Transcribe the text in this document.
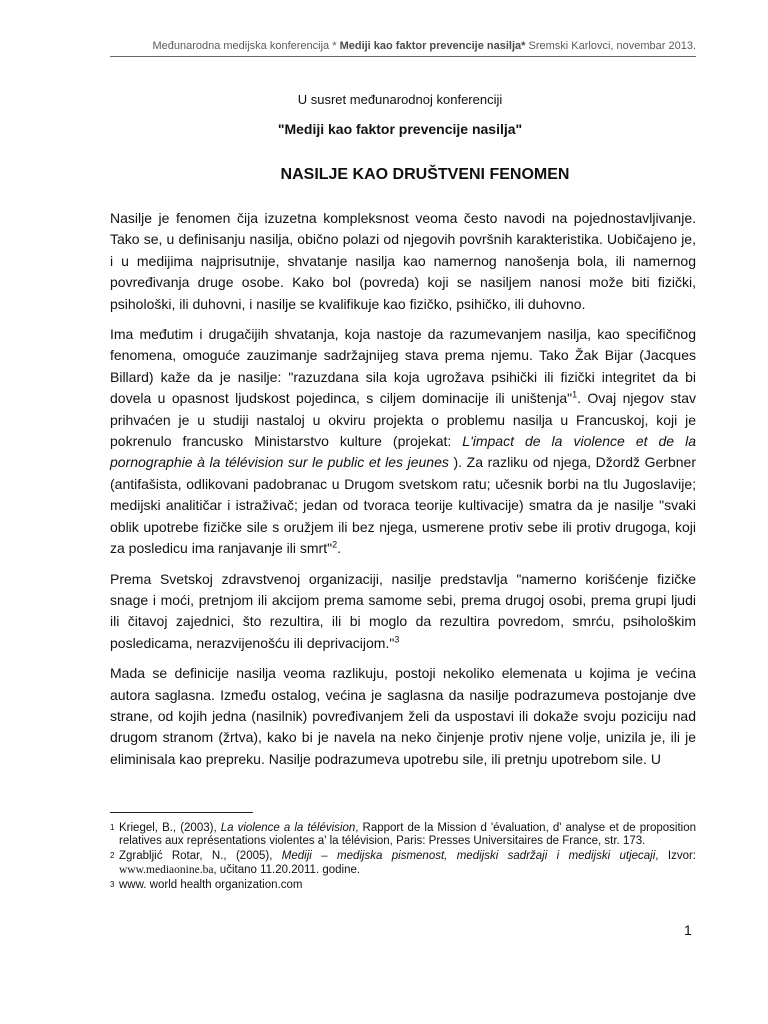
Međunarodna medijska konferencija * Mediji kao faktor prevencije nasilja* Sremski Karlovci, novembar 2013.
U susret međunarodnoj konferenciji
"Mediji kao faktor prevencije nasilja"
NASILJE KAO DRUŠTVENI FENOMEN

Nasilje je fenomen čija izuzetna kompleksnost veoma često navodi na pojednostavljivanje. Tako se, u definisanju nasilja, obično polazi od njegovih površnih karakteristika. Uobičajeno je, i u medijima najprisutnije, shvatanje nasilja kao namernog nanošenja bola, ili namernog povređivanja druge osobe. Kako bol (povreda) koji se nasiljem nanosi može biti fizički, psihološki, ili duhovni, i nasilje se kvalifikuje kao fizičko, psihičko, ili duhovno.

Ima međutim i drugačijih shvatanja, koja nastoje da razumevanjem nasilja, kao specifičnog fenomena, omoguće zauzimanje sadržajnijeg stava prema njemu. Tako Žak Bijar (Jacques Billard) kaže da je nasilje: "razuzdana sila koja ugrožava psihički ili fizički integritet da bi dovela u opasnost ljudskost pojedinca, s ciljem dominacije ili uništenja"$^1$. Ovaj njegov stav prihvaćen je u studiji nastaloj u okviru projekta o problemu nasilja u Francuskoj, koji je pokrenulo francusko Ministarstvo kulture (projekat: L'impact de la violence et de la pornographie à la télévision sur le public et les jeunes ). Za razliku od njega, Džordž Gerbner (antifašista, odlikovani padobranac u Drugom svetskom ratu; učesnik borbi na tlu Jugoslavije; medijski analitičar i istraživač; jedan od tvoraca teorije kultivacije) smatra da je nasilje "svaki oblik upotrebe fizičke sile s oružjem ili bez njega, usmerene protiv sebe ili protiv drugoga, koji za posledicu ima ranjavanje ili smrt"$^2$.

Prema Svetskoj zdravstvenoj organizaciji, nasilje predstavlja "namerno korišćenje fizičke snage i moći, pretnjom ili akcijom prema samome sebi, prema drugoj osobi, prema grupi ljudi ili čitavoj zajednici, što rezultira, ili bi moglo da rezultira povredom, smrću, psihološkim posledicama, nerazvijenošću ili deprivacijom."$^3$

Mada se definicije nasilja veoma razlikuju, postoji nekoliko elemenata u kojima je većina autora saglasna. Između ostalog, većina je saglasna da nasilje podrazumeva postojanje dve strane, od kojih jedna (nasilnik) povređivanjem želi da uspostavi ili dokaže svoju poziciju nad drugom stranom (žrtva), kako bi je navela na neko činjenje protiv njene volje, unizila je, ili je eliminisala kao prepreku. Nasilje podrazumeva upotrebu sile, ili pretnju upotrebom sile. U

1 Kriegel, B., (2003), La violence a la télévision, Rapport de la Mission d 'évaluation, d' analyse et de proposition relatives aux représentations violentes a' la télévision, Paris: Presses Universitaires de France, str. 173.
2 Zgrabljić Rotar, N., (2005), Mediji – medijska pismenost, medijski sadržaji i medijski utjecaji, Izvor: www.mediaonine.ba, učitano 11.20.2011. godine.
3 www. world health organization.com
1
